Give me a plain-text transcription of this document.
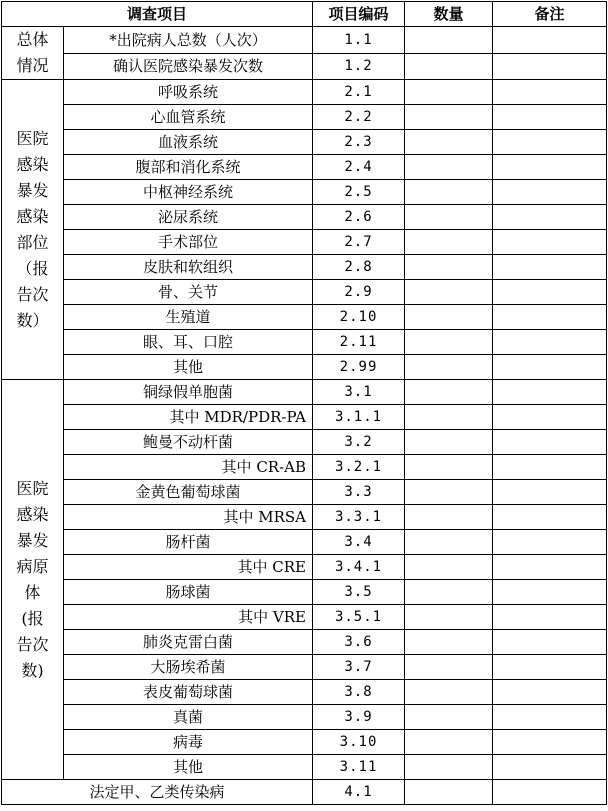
调查项目		项目编码	数量	备注
总体情况	*出院病人总数（人次）	1.1		
	确认医院感染暴发次数	1.2		
医院感染暴发感染部位（报告次数）	呼吸系统	2.1		
	心血管系统	2.2		
	血液系统	2.3		
	腹部和消化系统	2.4		
	中枢神经系统	2.5		
	泌尿系统	2.6		
	手术部位	2.7		
	皮肤和软组织	2.8		
	骨、关节	2.9		
	生殖道	2.10		
	眼、耳、口腔	2.11		
	其他	2.99		
医院感染暴发病原体(报告次数)	铜绿假单胞菌	3.1		
	其中 MDR/PDR-PA	3.1.1		
	鲍曼不动杆菌	3.2		
	其中 CR-AB	3.2.1		
	金黄色葡萄球菌	3.3		
	其中 MRSA	3.3.1		
	肠杆菌	3.4		
	其中 CRE	3.4.1		
	肠球菌	3.5		
	其中 VRE	3.5.1		
	肺炎克雷白菌	3.6		
	大肠埃希菌	3.7		
	表皮葡萄球菌	3.8		
	真菌	3.9		
	病毒	3.10		
	其他	3.11		
法定甲、乙类传染病		4.1		
